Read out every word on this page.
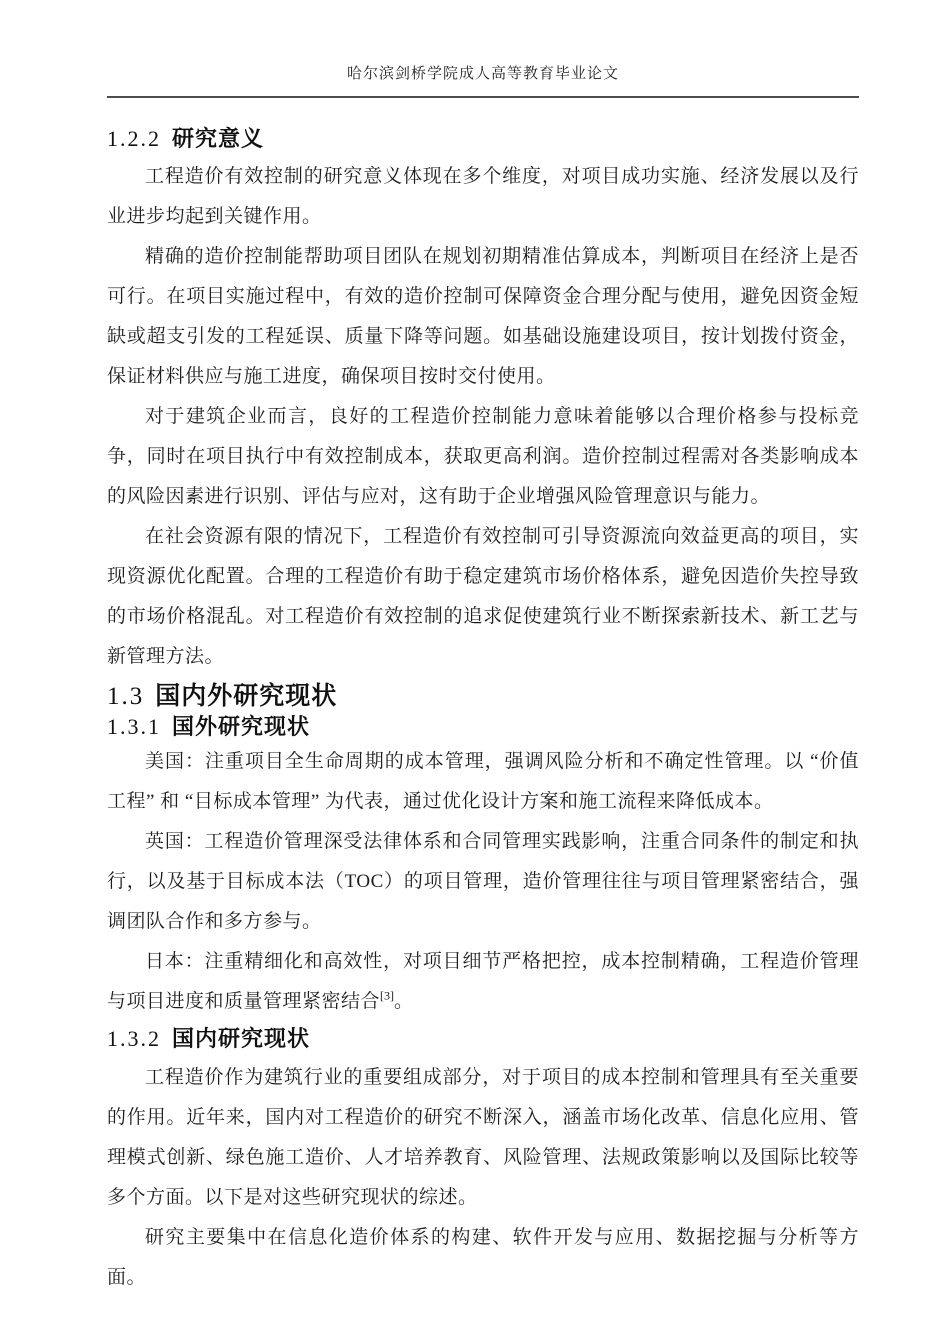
哈尔滨剑桥学院成人高等教育毕业论文
1.2.2 研究意义

工程造价有效控制的研究意义体现在多个维度，对项目成功实施、经济发展以及行业进步均起到关键作用。

精确的造价控制能帮助项目团队在规划初期精准估算成本，判断项目在经济上是否可行。在项目实施过程中，有效的造价控制可保障资金合理分配与使用，避免因资金短缺或超支引发的工程延误、质量下降等问题。如基础设施建设项目，按计划拨付资金，保证材料供应与施工进度，确保项目按时交付使用。

对于建筑企业而言，良好的工程造价控制能力意味着能够以合理价格参与投标竞争，同时在项目执行中有效控制成本，获取更高利润。造价控制过程需对各类影响成本的风险因素进行识别、评估与应对，这有助于企业增强风险管理意识与能力。

在社会资源有限的情况下，工程造价有效控制可引导资源流向效益更高的项目，实现资源优化配置。合理的工程造价有助于稳定建筑市场价格体系，避免因造价失控导致的市场价格混乱。对工程造价有效控制的追求促使建筑行业不断探索新技术、新工艺与新管理方法。

1.3 国内外研究现状
1.3.1 国外研究现状

美国：注重项目全生命周期的成本管理，强调风险分析和不确定性管理。以 “价值工程” 和 “目标成本管理” 为代表，通过优化设计方案和施工流程来降低成本。

英国：工程造价管理深受法律体系和合同管理实践影响，注重合同条件的制定和执行，以及基于目标成本法（TOC）的项目管理，造价管理往往与项目管理紧密结合，强调团队合作和多方参与。

日本：注重精细化和高效性，对项目细节严格把控，成本控制精确，工程造价管理与项目进度和质量管理紧密结合[3]。

1.3.2 国内研究现状

工程造价作为建筑行业的重要组成部分，对于项目的成本控制和管理具有至关重要的作用。近年来，国内对工程造价的研究不断深入，涵盖市场化改革、信息化应用、管理模式创新、绿色施工造价、人才培养教育、风险管理、法规政策影响以及国际比较等多个方面。以下是对这些研究现状的综述。

研究主要集中在信息化造价体系的构建、软件开发与应用、数据挖掘与分析等方面。
